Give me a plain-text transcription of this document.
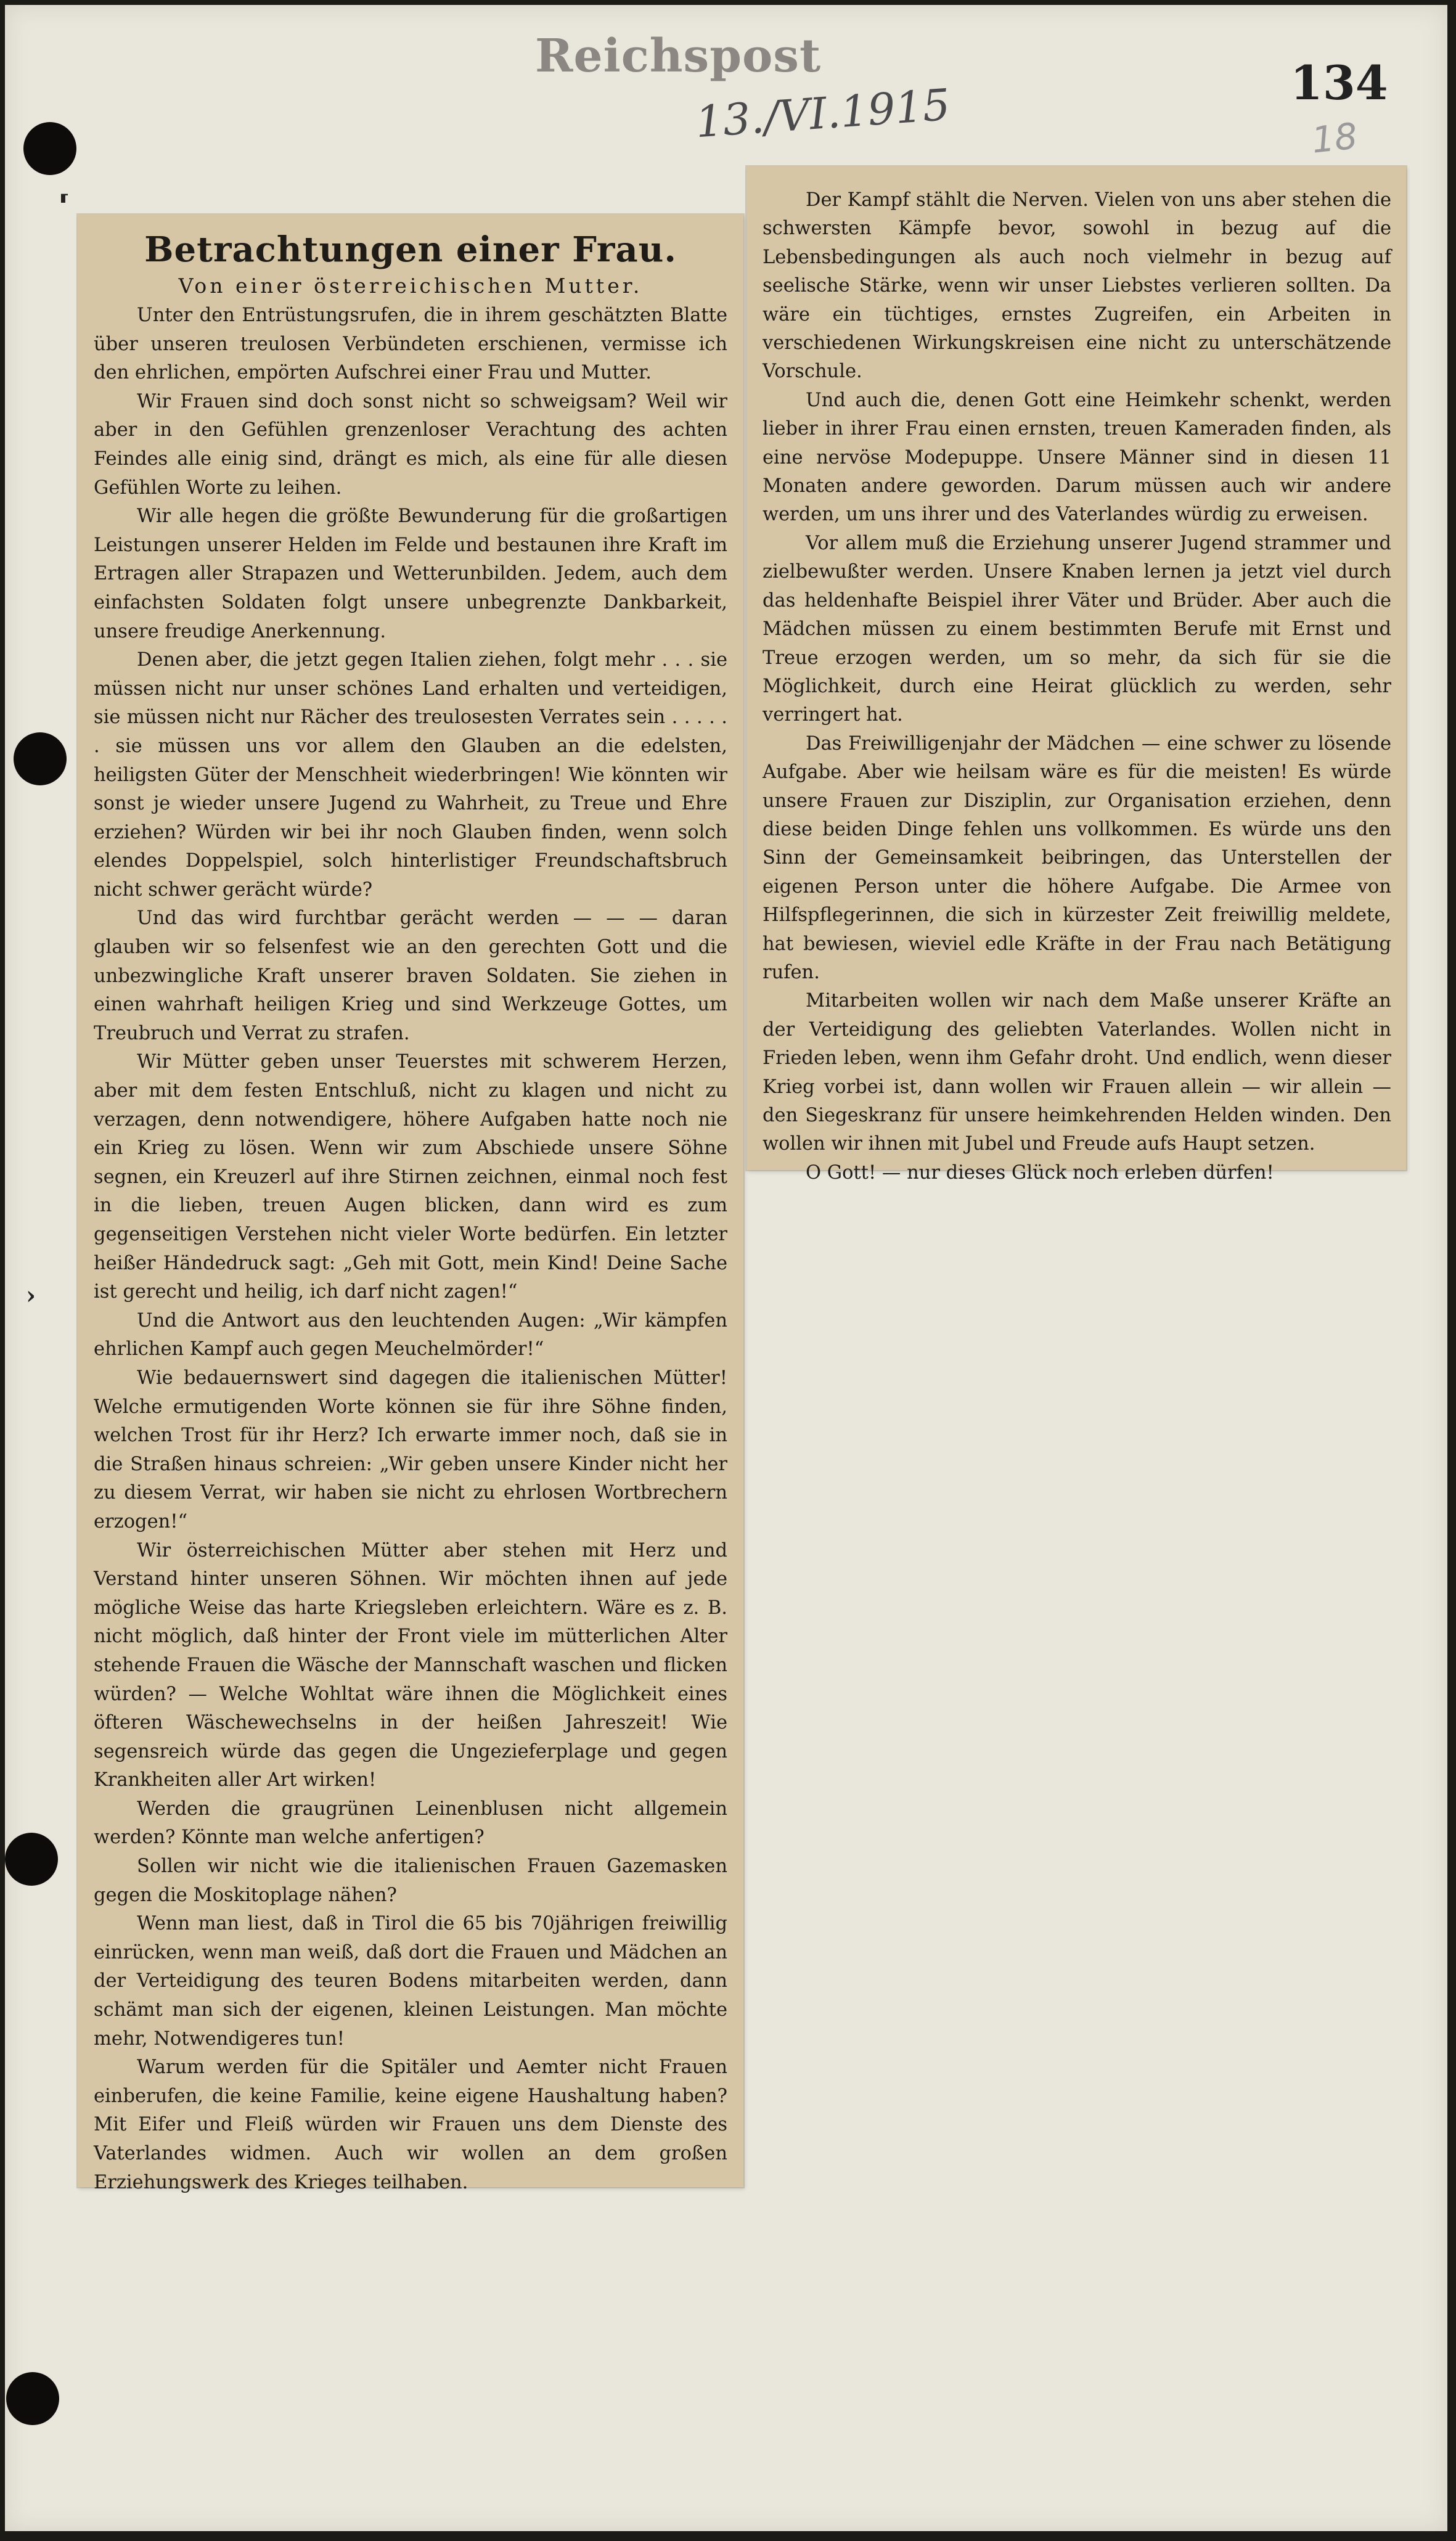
Reichspost
13./VI.1915	134
18
⸢
›
Betrachtungen einer Frau.
Von einer österreichischen Mutter.

Unter den Entrüstungsrufen, die in ihrem geschätzten Blatte über unseren treulosen Verbündeten erschienen, vermisse ich den ehrlichen, empörten Aufschrei einer Frau und Mutter.

Wir Frauen sind doch sonst nicht so schweigsam? Weil wir aber in den Gefühlen grenzenloser Verachtung des achten Feindes alle einig sind, drängt es mich, als eine für alle diesen Gefühlen Worte zu leihen.

Wir alle hegen die größte Bewunderung für die großartigen Leistungen unserer Helden im Felde und bestaunen ihre Kraft im Ertragen aller Strapazen und Wetterunbilden. Jedem, auch dem einfachsten Soldaten folgt unsere unbegrenzte Dankbarkeit, unsere freudige Anerkennung.

Denen aber, die jetzt gegen Italien ziehen, folgt mehr . . . sie müssen nicht nur unser schönes Land erhalten und verteidigen, sie müssen nicht nur Rächer des treulosesten Verrates sein . . . . . . sie müssen uns vor allem den Glauben an die edelsten, heiligsten Güter der Menschheit wiederbringen! Wie könnten wir sonst je wieder unsere Jugend zu Wahrheit, zu Treue und Ehre erziehen? Würden wir bei ihr noch Glauben finden, wenn solch elendes Doppelspiel, solch hinterlistiger Freundschaftsbruch nicht schwer gerächt würde?

Und das wird furchtbar gerächt werden — — — daran glauben wir so felsenfest wie an den gerechten Gott und die unbezwingliche Kraft unserer braven Soldaten. Sie ziehen in einen wahrhaft heiligen Krieg und sind Werkzeuge Gottes, um Treubruch und Verrat zu strafen.

Wir Mütter geben unser Teuerstes mit schwerem Herzen, aber mit dem festen Entschluß, nicht zu klagen und nicht zu verzagen, denn notwendigere, höhere Aufgaben hatte noch nie ein Krieg zu lösen. Wenn wir zum Abschiede unsere Söhne segnen, ein Kreuzerl auf ihre Stirnen zeichnen, einmal noch fest in die lieben, treuen Augen blicken, dann wird es zum gegenseitigen Verstehen nicht vieler Worte bedürfen. Ein letzter heißer Händedruck sagt: „Geh mit Gott, mein Kind! Deine Sache ist gerecht und heilig, ich darf nicht zagen!“

Und die Antwort aus den leuchtenden Augen: „Wir kämpfen ehrlichen Kampf auch gegen Meuchelmörder!“

Wie bedauernswert sind dagegen die italienischen Mütter! Welche ermutigenden Worte können sie für ihre Söhne finden, welchen Trost für ihr Herz? Ich erwarte immer noch, daß sie in die Straßen hinaus schreien: „Wir geben unsere Kinder nicht her zu diesem Verrat, wir haben sie nicht zu ehrlosen Wortbrechern erzogen!“

Wir österreichischen Mütter aber stehen mit Herz und Verstand hinter unseren Söhnen. Wir möchten ihnen auf jede mögliche Weise das harte Kriegsleben erleichtern. Wäre es z. B. nicht möglich, daß hinter der Front viele im mütterlichen Alter stehende Frauen die Wäsche der Mannschaft waschen und flicken würden? — Welche Wohltat wäre ihnen die Möglichkeit eines öfteren Wäschewechselns in der heißen Jahreszeit! Wie segensreich würde das gegen die Ungezieferplage und gegen Krankheiten aller Art wirken!

Werden die graugrünen Leinenblusen nicht allgemein werden? Könnte man welche anfertigen?

Sollen wir nicht wie die italienischen Frauen Gazemasken gegen die Moskitoplage nähen?

Wenn man liest, daß in Tirol die 65 bis 70jährigen freiwillig einrücken, wenn man weiß, daß dort die Frauen und Mädchen an der Verteidigung des teuren Bodens mitarbeiten werden, dann schämt man sich der eigenen, kleinen Leistungen. Man möchte mehr, Notwendigeres tun!

Warum werden für die Spitäler und Aemter nicht Frauen einberufen, die keine Familie, keine eigene Haushaltung haben? Mit Eifer und Fleiß würden wir Frauen uns dem Dienste des Vaterlandes widmen. Auch wir wollen an dem großen Erziehungswerk des Krieges teilhaben.

Der Kampf stählt die Nerven. Vielen von uns aber stehen die schwersten Kämpfe bevor, sowohl in bezug auf die Lebensbedingungen als auch noch vielmehr in bezug auf seelische Stärke, wenn wir unser Liebstes verlieren sollten. Da wäre ein tüchtiges, ernstes Zugreifen, ein Arbeiten in verschiedenen Wirkungskreisen eine nicht zu unterschätzende Vorschule.

Und auch die, denen Gott eine Heimkehr schenkt, werden lieber in ihrer Frau einen ernsten, treuen Kameraden finden, als eine nervöse Modepuppe. Unsere Männer sind in diesen 11 Monaten andere geworden. Darum müssen auch wir andere werden, um uns ihrer und des Vaterlandes würdig zu erweisen.

Vor allem muß die Erziehung unserer Jugend strammer und zielbewußter werden. Unsere Knaben lernen ja jetzt viel durch das heldenhafte Beispiel ihrer Väter und Brüder. Aber auch die Mädchen müssen zu einem bestimmten Berufe mit Ernst und Treue erzogen werden, um so mehr, da sich für sie die Möglichkeit, durch eine Heirat glücklich zu werden, sehr verringert hat.

Das Freiwilligenjahr der Mädchen — eine schwer zu lösende Aufgabe. Aber wie heilsam wäre es für die meisten! Es würde unsere Frauen zur Disziplin, zur Organisation erziehen, denn diese beiden Dinge fehlen uns vollkommen. Es würde uns den Sinn der Gemeinsamkeit beibringen, das Unterstellen der eigenen Person unter die höhere Aufgabe. Die Armee von Hilfspflegerinnen, die sich in kürzester Zeit freiwillig meldete, hat bewiesen, wieviel edle Kräfte in der Frau nach Betätigung rufen.

Mitarbeiten wollen wir nach dem Maße unserer Kräfte an der Verteidigung des geliebten Vaterlandes. Wollen nicht in Frieden leben, wenn ihm Gefahr droht. Und endlich, wenn dieser Krieg vorbei ist, dann wollen wir Frauen allein — wir allein — den Siegeskranz für unsere heimkehrenden Helden winden. Den wollen wir ihnen mit Jubel und Freude aufs Haupt setzen.

O Gott! — nur dieses Glück noch erleben dürfen!
